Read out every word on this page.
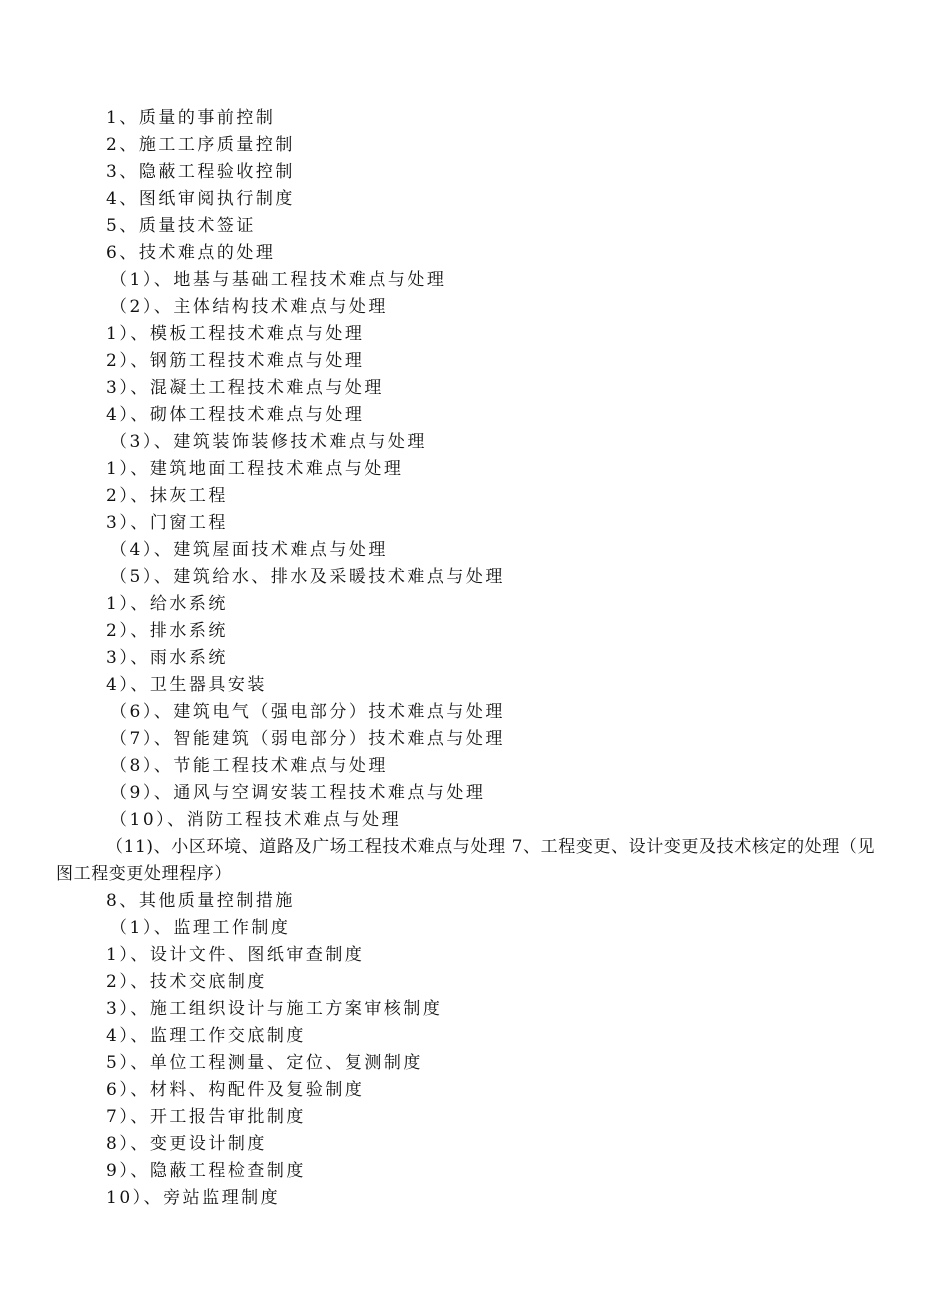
1、质量的事前控制
2、施工工序质量控制
3、隐蔽工程验收控制
4、图纸审阅执行制度
5、质量技术签证
6、技术难点的处理
（1）、地基与基础工程技术难点与处理
（2）、主体结构技术难点与处理
1）、模板工程技术难点与处理
2）、钢筋工程技术难点与处理
3）、混凝土工程技术难点与处理
4）、砌体工程技术难点与处理
（3）、建筑装饰装修技术难点与处理
1）、建筑地面工程技术难点与处理
2）、抹灰工程
3）、门窗工程
（4）、建筑屋面技术难点与处理
（5）、建筑给水、排水及采暖技术难点与处理
1）、给水系统
2）、排水系统
3）、雨水系统
4）、卫生器具安装
（6）、建筑电气（强电部分）技术难点与处理
（7）、智能建筑（弱电部分）技术难点与处理
（8）、节能工程技术难点与处理
（9）、通风与空调安装工程技术难点与处理
（10）、消防工程技术难点与处理
（11)、小区环境、道路及广场工程技术难点与处理 7、工程变更、设计变更及技术核定的处理（见图工程变更处理程序）
8、其他质量控制措施
（1）、监理工作制度
1）、设计文件、图纸审查制度
2）、技术交底制度
3）、施工组织设计与施工方案审核制度
4）、监理工作交底制度
5）、单位工程测量、定位、复测制度
6）、材料、构配件及复验制度
7）、开工报告审批制度
8）、变更设计制度
9）、隐蔽工程检查制度
10）、旁站监理制度
